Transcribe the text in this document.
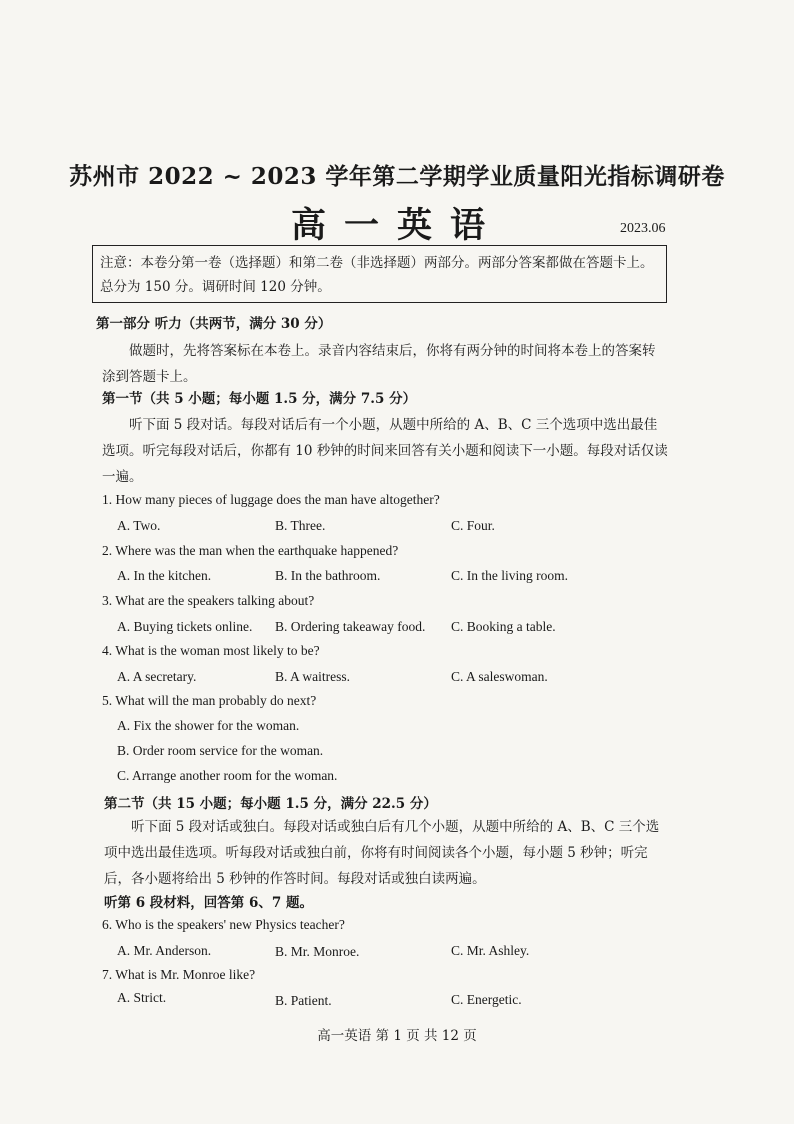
苏州市 2022 ~ 2023 学年第二学期学业质量阳光指标调研卷
高一英语	2023.06
注意：本卷分第一卷（选择题）和第二卷（非选择题）两部分。两部分答案都做在答题卡上。总分为 150 分。调研时间 120 分钟。
第一部分 听力（共两节，满分 30 分）
做题时，先将答案标在本卷上。录音内容结束后，你将有两分钟的时间将本卷上的答案转涂到答题卡上。
第一节（共 5 小题；每小题 1.5 分，满分 7.5 分）
听下面 5 段对话。每段对话后有一个小题，从题中所给的 A、B、C 三个选项中选出最佳选项。听完每段对话后，你都有 10 秒钟的时间来回答有关小题和阅读下一小题。每段对话仅读一遍。
1. How many pieces of luggage does the man have altogether?
A. Two.	B. Three.	C. Four.
2. Where was the man when the earthquake happened?
A. In the kitchen.	B. In the bathroom.	C. In the living room.
3. What are the speakers talking about?
A. Buying tickets online. B. Ordering takeaway food. C. Booking a table.
4. What is the woman most likely to be?
A. A secretary.	B. A waitress.	C. A saleswoman.
5. What will the man probably do next?
A. Fix the shower for the woman.
B. Order room service for the woman.
C. Arrange another room for the woman.
第二节（共 15 小题；每小题 1.5 分，满分 22.5 分）
听下面 5 段对话或独白。每段对话或独白后有几个小题，从题中所给的 A、B、C 三个选项中选出最佳选项。听每段对话或独白前，你将有时间阅读各个小题，每小题 5 秒钟；听完后，各小题将给出 5 秒钟的作答时间。每段对话或独白读两遍。
听第 6 段材料，回答第 6、7 题。
6. Who is the speakers' new Physics teacher?
A. Mr. Anderson.	B. Mr. Monroe.	C. Mr. Ashley.
7. What is Mr. Monroe like?
A. Strict.	B. Patient.	C. Energetic.
高一英语 第 1 页 共 12 页
